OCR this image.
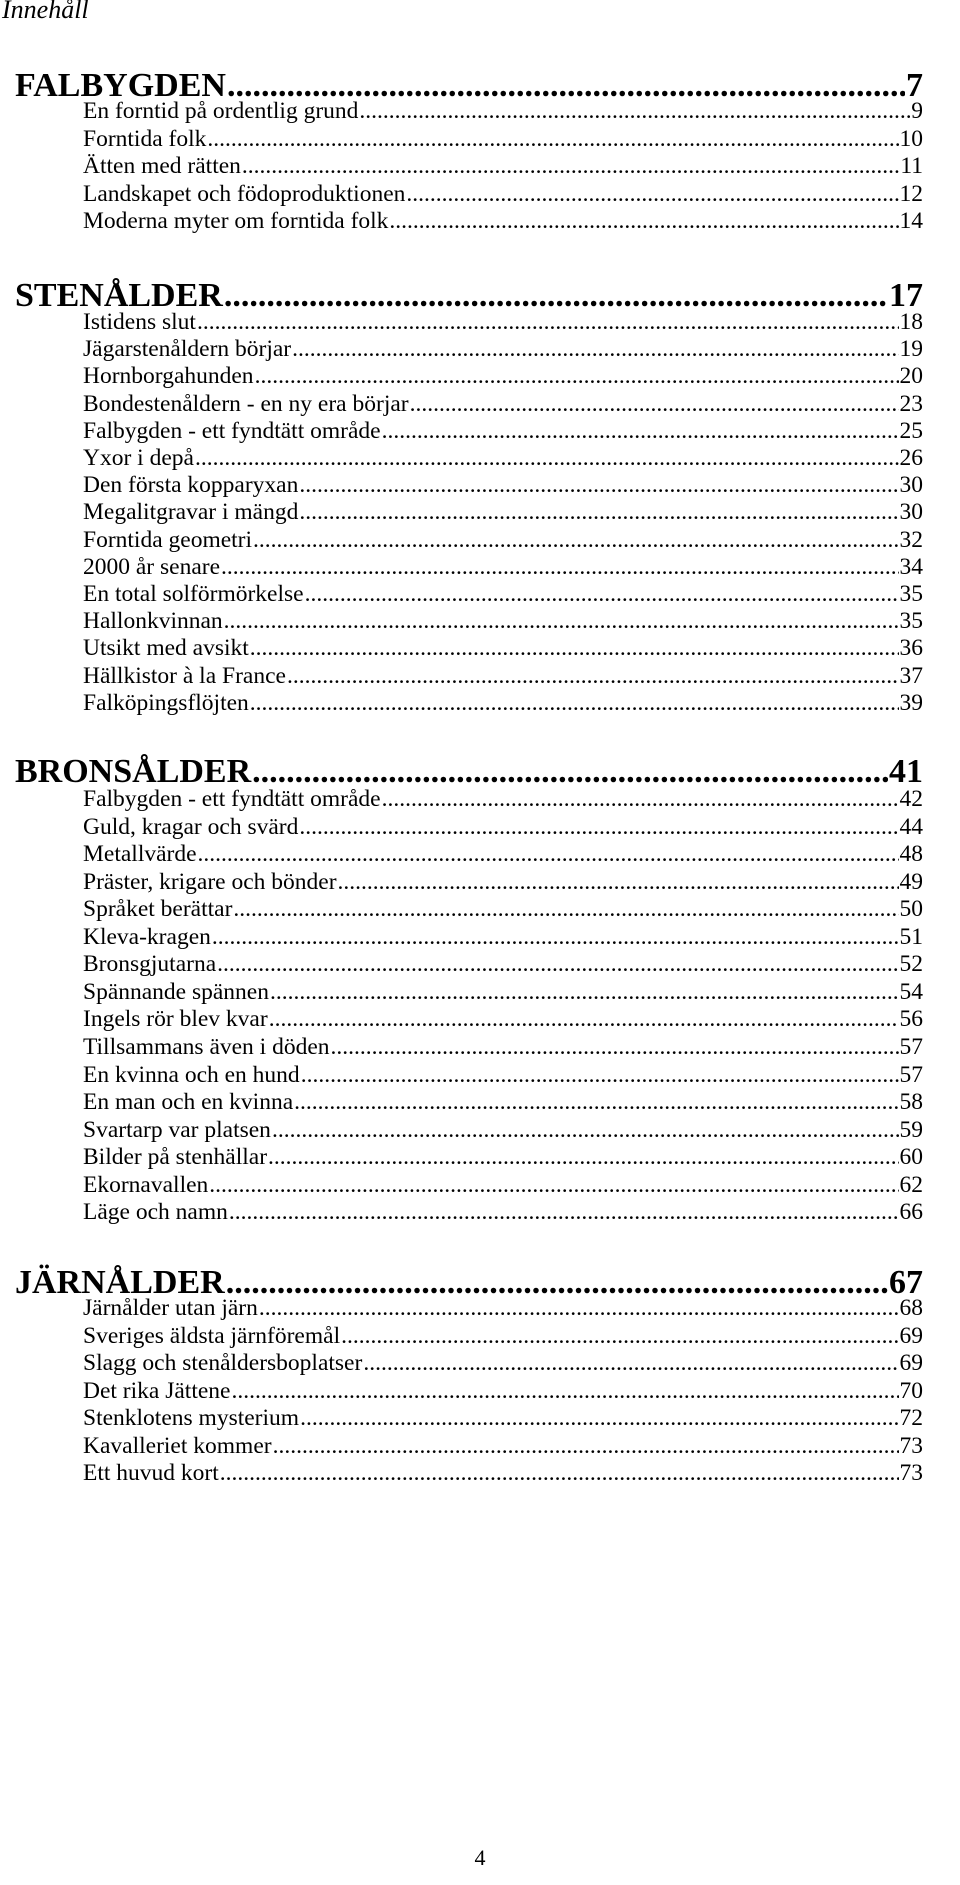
Innehåll
FALBYGDEN .....	7
En forntid på ordentlig grund .....	9
Forntida folk .....	10
Ätten med rätten .....	11
Landskapet och födoproduktionen .....	12
Moderna myter om forntida folk .....	14
STENÅLDER .....	17
Istidens slut .....	18
Jägarstenåldern börjar .....	19
Hornborgahunden .....	20
Bondestenåldern - en ny era börjar .....	23
Falbygden - ett fyndtätt område .....	25
Yxor i depå .....	26
Den första kopparyxan .....	30
Megalitgravar i mängd .....	30
Forntida geometri .....	32
2000 år senare .....	34
En total solförmörkelse .....	35
Hallonkvinnan .....	35
Utsikt med avsikt .....	36
Hällkistor à la France .....	37
Falköpingsflöjten .....	39
BRONSÅLDER .....	41
Falbygden - ett fyndtätt område .....	42
Guld, kragar och svärd .....	44
Metallvärde .....	48
Präster, krigare och bönder .....	49
Språket berättar .....	50
Kleva-kragen .....	51
Bronsgjutarna .....	52
Spännande spännen .....	54
Ingels rör blev kvar .....	56
Tillsammans även i döden .....	57
En kvinna och en hund .....	57
En man och en kvinna .....	58
Svartarp var platsen .....	59
Bilder på stenhällar .....	60
Ekornavallen .....	62
Läge och namn .....	66
JÄRNÅLDER .....	67
Järnålder utan järn .....	68
Sveriges äldsta järnföremål .....	69
Slagg och stenåldersboplatser .....	69
Det rika Jättene .....	70
Stenklotens mysterium .....	72
Kavalleriet kommer .....	73
Ett huvud kort .....	73
4
